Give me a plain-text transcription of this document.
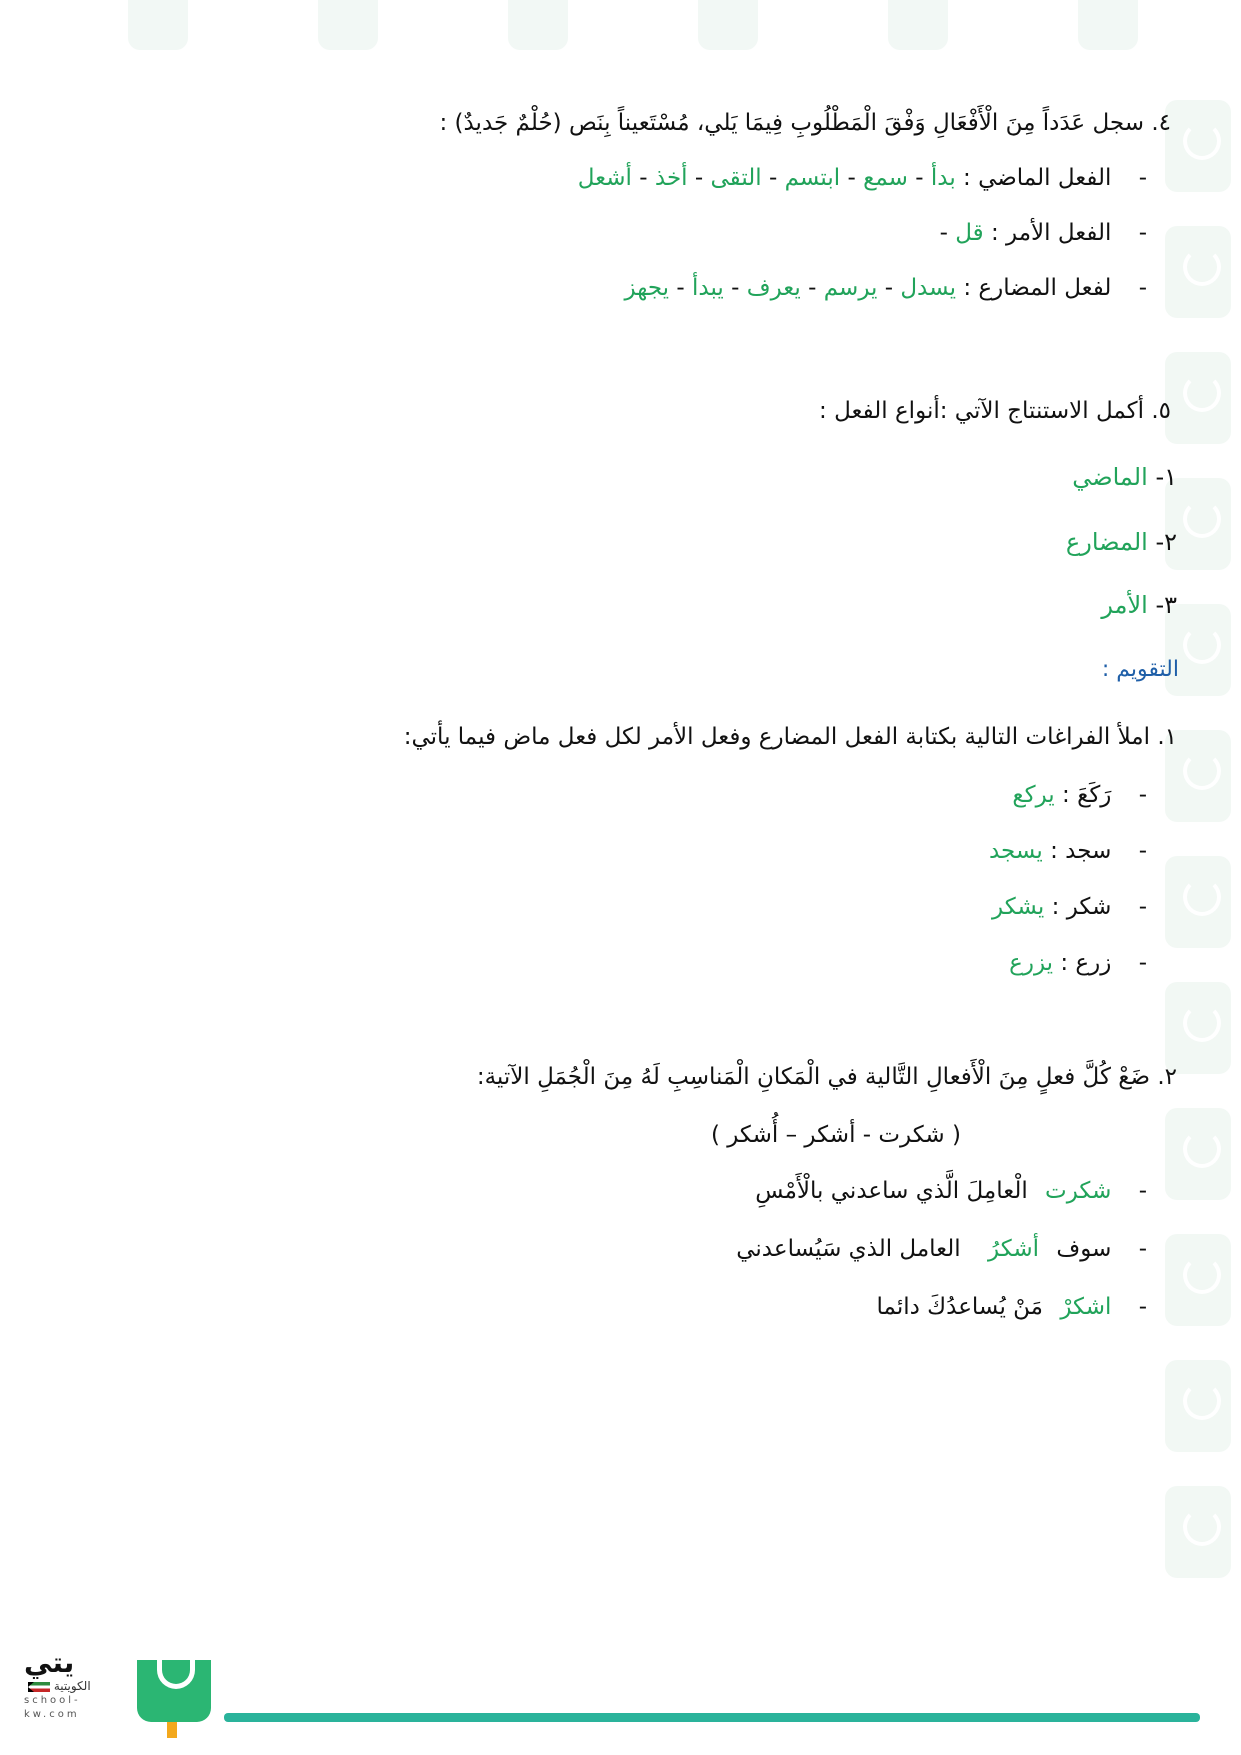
٤. سجل عَدَداً مِنَ الْأَفْعَالِ وَفْقَ الْمَطْلُوبِ فِيمَا يَلي، مُسْتَعيناً بِنَص (حُلْمٌ جَديدٌ) :
- الفعل الماضي : بدأ - سمع - ابتسم - التقى - أخذ - أشعل
- الفعل الأمر : قل -
- لفعل المضارع : يسدل - يرسم - يعرف - يبدأ - يجهز
٥. أكمل الاستنتاج الآتي :أنواع الفعل :
١- الماضي
٢- المضارع
٣- الأمر
التقويم :
١. املأ الفراغات التالية بكتابة الفعل المضارع وفعل الأمر لكل فعل ماض فيما يأتي:
- رَكَعَ : يركع
- سجد : يسجد
- شكر : يشكر
- زرع : يزرع
٢. ضَعْ كُلَّ فعلٍ مِنَ الْأَفعالِ التَّالية في الْمَكانِ الْمَناسِبِ لَهُ مِنَ الْجُمَلِ الآتية:
( شكرت - أشكر – أُشكر )
- شكرت الْعامِلَ الَّذي ساعدني بالْأَمْسِ
- سوف أشكرُ العامل الذي سَيُساعدني
- اشكرْ مَنْ يُساعدُكَ دائما
يتي
الكويتية
school-kw.com
